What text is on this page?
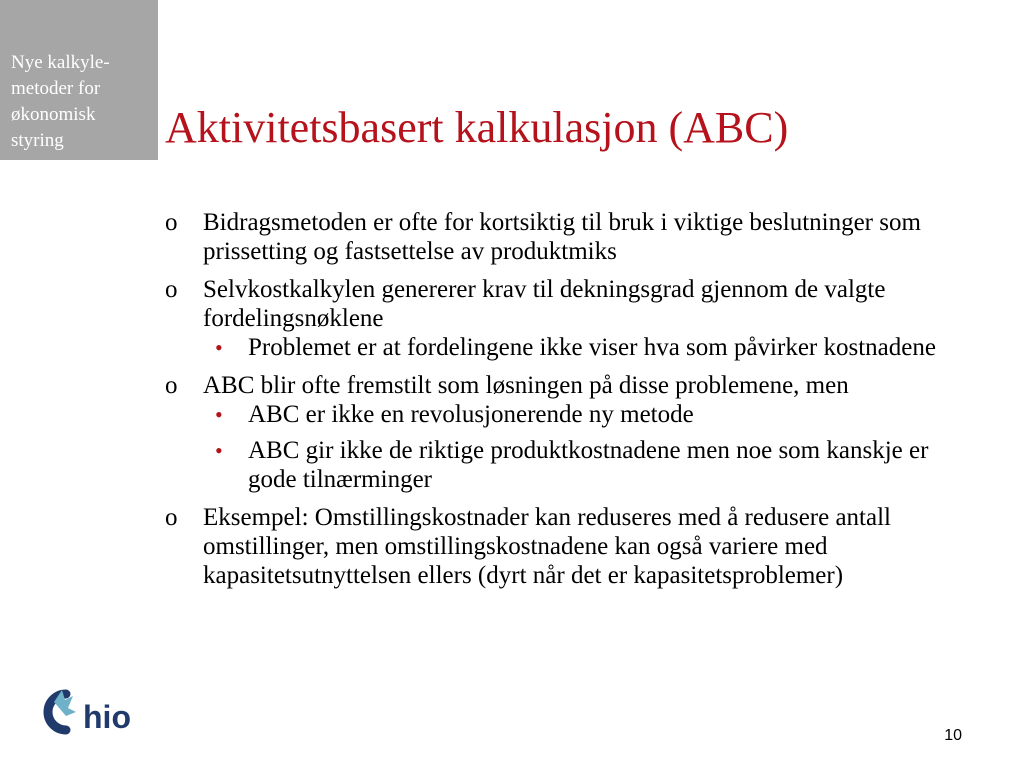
Nye kalkyle-
metoder for
økonomisk
styring	Aktivitetsbasert kalkulasjon (ABC)
o Bidragsmetoden er ofte for kortsiktig til bruk i viktige beslutninger som prissetting og fastsettelse av produktmiks
o Selvkostkalkylen genererer krav til dekningsgrad gjennom de valgte fordelingsnøklene
• Problemet er at fordelingene ikke viser hva som påvirker kostnadene
o ABC blir ofte fremstilt som løsningen på disse problemene, men
• ABC er ikke en revolusjonerende ny metode
• ABC gir ikke de riktige produktkostnadene men noe som kanskje er gode tilnærminger
o Eksempel: Omstillingskostnader kan reduseres med å redusere antall omstillinger, men omstillingskostnadene kan også variere med kapasitetsutnyttelsen ellers (dyrt når det er kapasitetsproblemer)
hio
10
